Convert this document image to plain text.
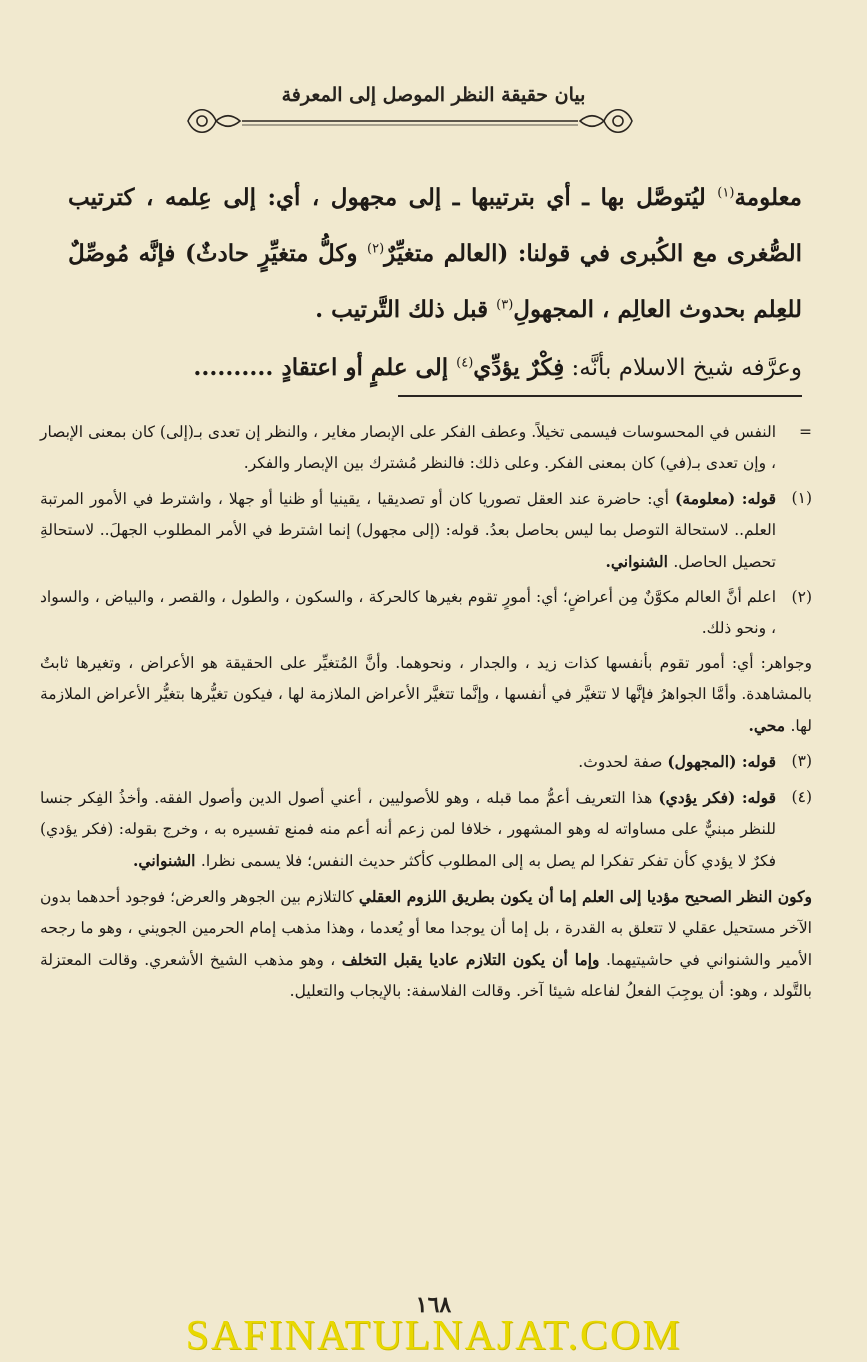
بيان حقيقة النظر الموصل إلى المعرفة

معلومة$^{(١)}$ ليُتوصَّل بها ـ أي بترتيبها ـ إلى مجهول ، أي: إلى عِلمه ، كترتيب الصُّغرى مع الكُبرى في قولنا: (العالم متغيِّرٌ$^{(٢)}$ وكلُّ متغيِّرٍ حادثٌ) فإنَّه مُوصِّلٌ للعِلم بحدوث العالِم ، المجهولِ$^{(٣)}$ قبل ذلك التَّرتيب .

وعرَّفه شيخ الاسلام بأنَّه: فِكْرٌ يؤدِّي$^{(٤)}$ إلى علمٍ أو اعتقادٍ ..........

=
النفس في المحسوسات فيسمى تخيلاً. وعطف الفكر على الإبصار مغاير ، والنظر إن تعدى بـ(إلى) كان بمعنى الإبصار ، وإن تعدى بـ(في) كان بمعنى الفكر. وعلى ذلك: فالنظر مُشترك بين الإبصار والفكر.
(١)
قوله: (معلومة) أي: حاضرة عند العقل تصوريا كان أو تصديقيا ، يقينيا أو ظنيا أو جهلا ، واشترط في الأمور المرتبة العلم.. لاستحالة التوصل بما ليس بحاصل بعدُ. قوله: (إلى مجهول) إنما اشترط في الأمر المطلوب الجهلَ.. لاستحالةِ تحصيل الحاصل. الشنواني.
(٢)
اعلم أنَّ العالم مكوَّنٌ مِن أعراضٍ؛ أي: أمورٍ تقوم بغيرها كالحركة ، والسكون ، والطول ، والقصر ، والبياض ، والسواد ، ونحو ذلك.
وجواهر: أي: أمور تقوم بأنفسها كذات زيد ، والجدار ، ونحوهما. وأنَّ المُتغيِّر على الحقيقة هو الأعراض ، وتغيرها ثابتٌ بالمشاهدة. وأمَّا الجواهرُ فإنَّها لا تتغيَّر في أنفسها ، وإنَّما تتغيَّر الأعراض الملازمة لها ، فيكون تغيُّرها بتغيُّر الأعراض الملازمة لها. محي.
(٣)
قوله: (المجهول) صفة لحدوث.
(٤)
قوله: (فكر يؤدي) هذا التعريف أعمُّ مما قبله ، وهو للأصوليين ، أعني أصول الدين وأصول الفقه. وأخذُ الفِكر جنسا للنظر مبنيٌّ على مساواته له وهو المشهور ، خلافا لمن زعم أنه أعم منه فمنع تفسيره به ، وخرج بقوله: (فكر يؤدي) فكرٌ لا يؤدي كأن تفكر تفكرا لم يصل به إلى المطلوب كأكثر حديث النفس؛ فلا يسمى نظرا. الشنواني.
وكون النظر الصحيح مؤديا إلى العلم إما أن يكون بطريق اللزوم العقلي كالتلازم بين الجوهر والعرض؛ فوجود أحدهما بدون الآخر مستحيل عقلي لا تتعلق به القدرة ، بل إما أن يوجدا معا أو يُعدما ، وهذا مذهب إمام الحرمين الجويني ، وهو ما رجحه الأمير والشنواني في حاشيتيهما. وإما أن يكون التلازم عاديا يقبل التخلف ، وهو مذهب الشيخ الأشعري. وقالت المعتزلة بالتَّولد ، وهو: أن يوجِبَ الفعلُ لفاعله شيئا آخر. وقالت الفلاسفة: بالإيجاب والتعليل.
١٦٨
SAFINATULNAJAT.COM
